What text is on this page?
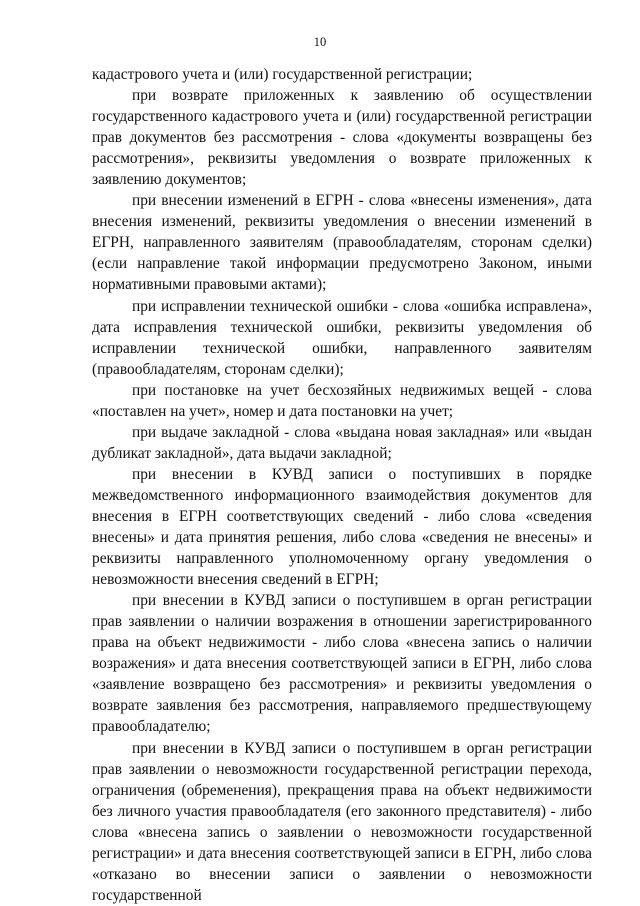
10

кадастрового учета и (или) государственной регистрации;

при возврате приложенных к заявлению об осуществлении государственного кадастрового учета и (или) государственной регистрации прав документов без рассмотрения - слова «документы возвращены без рассмотрения», реквизиты уведомления о возврате приложенных к заявлению документов;

при внесении изменений в ЕГРН - слова «внесены изменения», дата внесения изменений, реквизиты уведомления о внесении изменений в ЕГРН, направленного заявителям (правообладателям, сторонам сделки) (если направление такой информации предусмотрено Законом, иными нормативными правовыми актами);

при исправлении технической ошибки - слова «ошибка исправлена», дата исправления технической ошибки, реквизиты уведомления об исправлении технической ошибки, направленного заявителям (правообладателям, сторонам сделки);

при постановке на учет бесхозяйных недвижимых вещей - слова «поставлен на учет», номер и дата постановки на учет;

при выдаче закладной - слова «выдана новая закладная» или «выдан дубликат закладной», дата выдачи закладной;

при внесении в КУВД записи о поступивших в порядке межведомственного информационного взаимодействия документов для внесения в ЕГРН соответствующих сведений - либо слова «сведения внесены» и дата принятия решения, либо слова «сведения не внесены» и реквизиты направленного уполномоченному органу уведомления о невозможности внесения сведений в ЕГРН;

при внесении в КУВД записи о поступившем в орган регистрации прав заявлении о наличии возражения в отношении зарегистрированного права на объект недвижимости - либо слова «внесена запись о наличии возражения» и дата внесения соответствующей записи в ЕГРН, либо слова «заявление возвращено без рассмотрения» и реквизиты уведомления о возврате заявления без рассмотрения, направляемого предшествующему правообладателю;

при внесении в КУВД записи о поступившем в орган регистрации прав заявлении о невозможности государственной регистрации перехода, ограничения (обременения), прекращения права на объект недвижимости без личного участия правообладателя (его законного представителя) - либо слова «внесена запись о заявлении о невозможности государственной регистрации» и дата внесения соответствующей записи в ЕГРН, либо слова «отказано во внесении записи о заявлении о невозможности государственной
